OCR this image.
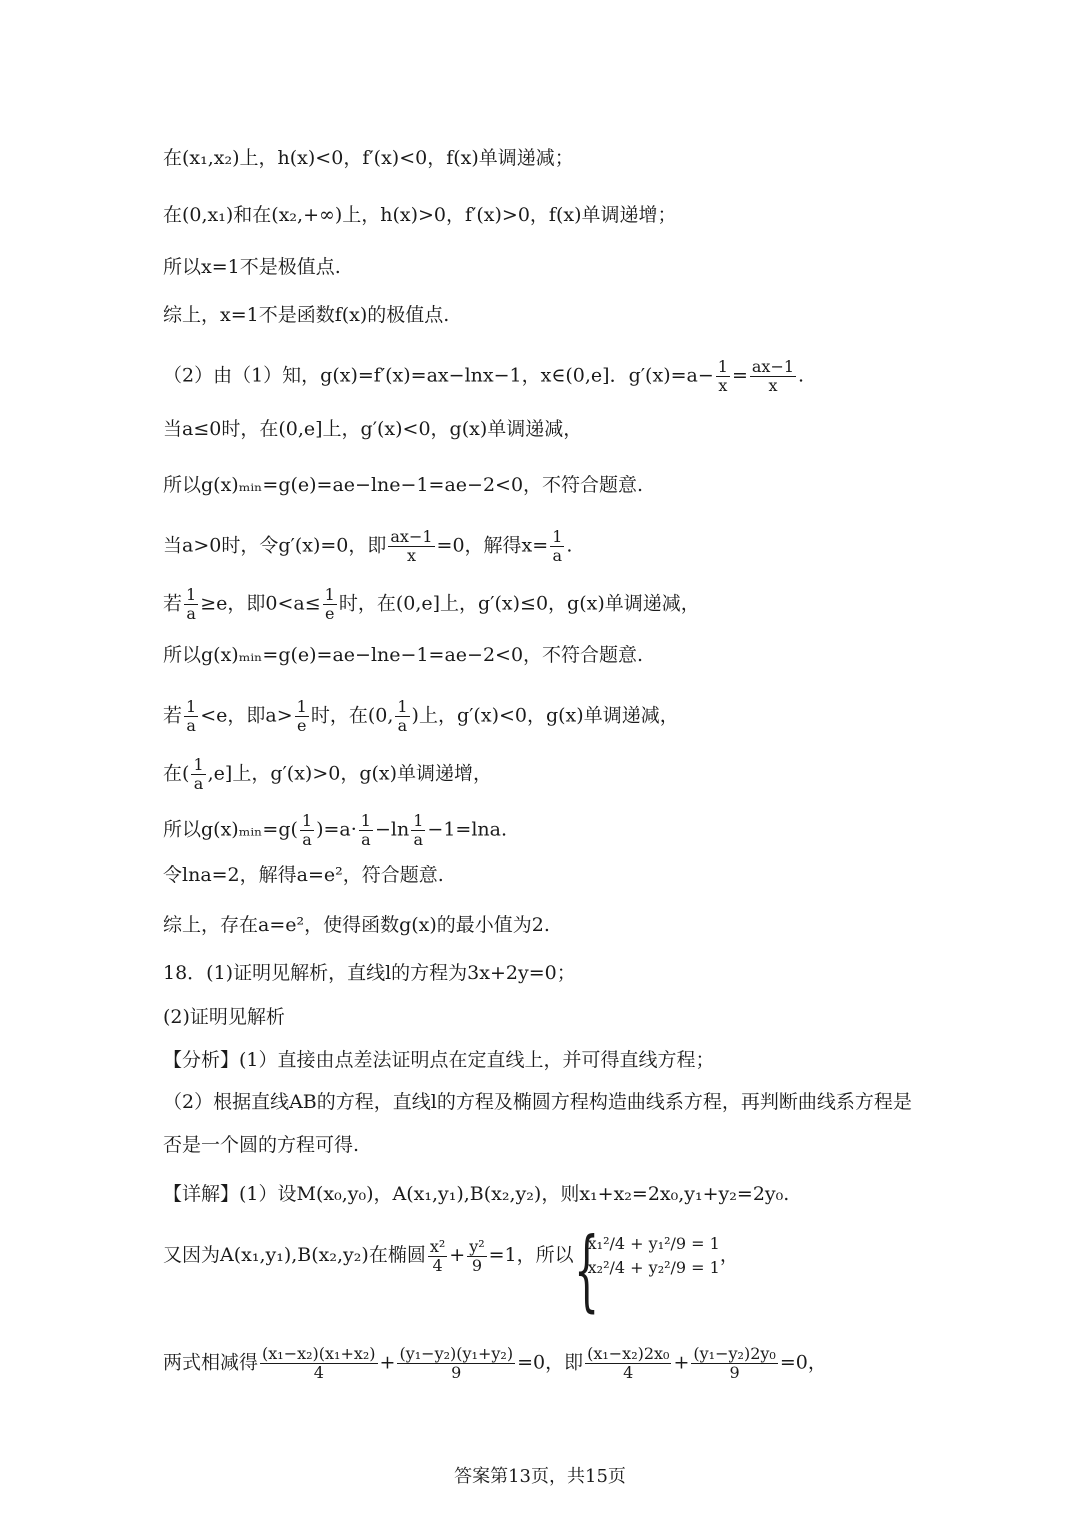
在(x₁,x₂)上，h(x)<0，f′(x)<0，f(x)单调递减；
在(0,x₁)和在(x₂,+∞)上，h(x)>0，f′(x)>0，f(x)单调递增；
所以x=1不是极值点.
综上，x=1不是函数f(x)的极值点.
（2）由（1）知，g(x)=f′(x)=ax−lnx−1，x∈(0,e]．$g'(x)=a- \frac{1}{x} = \frac{ax-1}{x}$ .
当a≤0时，在(0,e]上，g′(x)<0，g(x)单调递减，
所以g(x)ₘᵢₙ=g(e)=ae−lne−1=ae−2<0，不符合题意.
当a>0时，令g′(x)=0，即 $\frac{ax-1}{x} =0$，解得$x= \frac{1}{a}$ .
若 $\frac{1}{a} \ge e$，即$0<a\le \frac{1}{e}$ 时，在(0,e]上，g′(x)≤0，g(x)单调递减，
所以g(x)ₘᵢₙ=g(e)=ae−lne−1=ae−2<0，不符合题意.
若 $\frac{1}{a} <e$，即$a> \frac{1}{e}$ 时，在(0, $\frac{1}{a}$ )上，g′(x)<0，g(x)单调递减，
在( $\frac{1}{a} ,e$]上，g′(x)>0，g(x)单调递增，
所以g(x)ₘᵢₙ=g( $\frac{1}{a} )=a\cdot \frac{1}{a} -\ln \frac{1}{a} -1=\ln a$.
令lna=2，解得a=e²，符合题意.
综上，存在a=e²，使得函数g(x)的最小值为2.
18．(1)证明见解析，直线l的方程为3x+2y=0；
(2)证明见解析
【分析】(1）直接由点差法证明点在定直线上，并可得直线方程；
（2）根据直线AB的方程，直线l的方程及椭圆方程构造曲线系方程，再判断曲线系方程是
否是一个圆的方程可得.
【详解】(1）设M(x₀,y₀)，A(x₁,y₁),B(x₂,y₂)，则x₁+x₂=2x₀,y₁+y₂=2y₀.
又因为A(x₁,y₁),B(x₂,y₂)在椭圆 $\frac{\text{x²}}{4} + \frac{\text{y²}}{9} =1$，所以 {
x₁²/4 + y₁²/9 = 1
x₂²/4 + y₂²/9 = 1
，
两式相减得 $\frac{\text{(x₁−x₂)(x₁+x₂)}}{4} + \frac{\text{(y₁−y₂)(y₁+y₂)}}{9} =0$，即 $\frac{\text{(x₁−x₂)2x₀}}{4} + \frac{\text{(y₁−y₂)2y₀}}{9} =0$，
答案第13页，共15页
